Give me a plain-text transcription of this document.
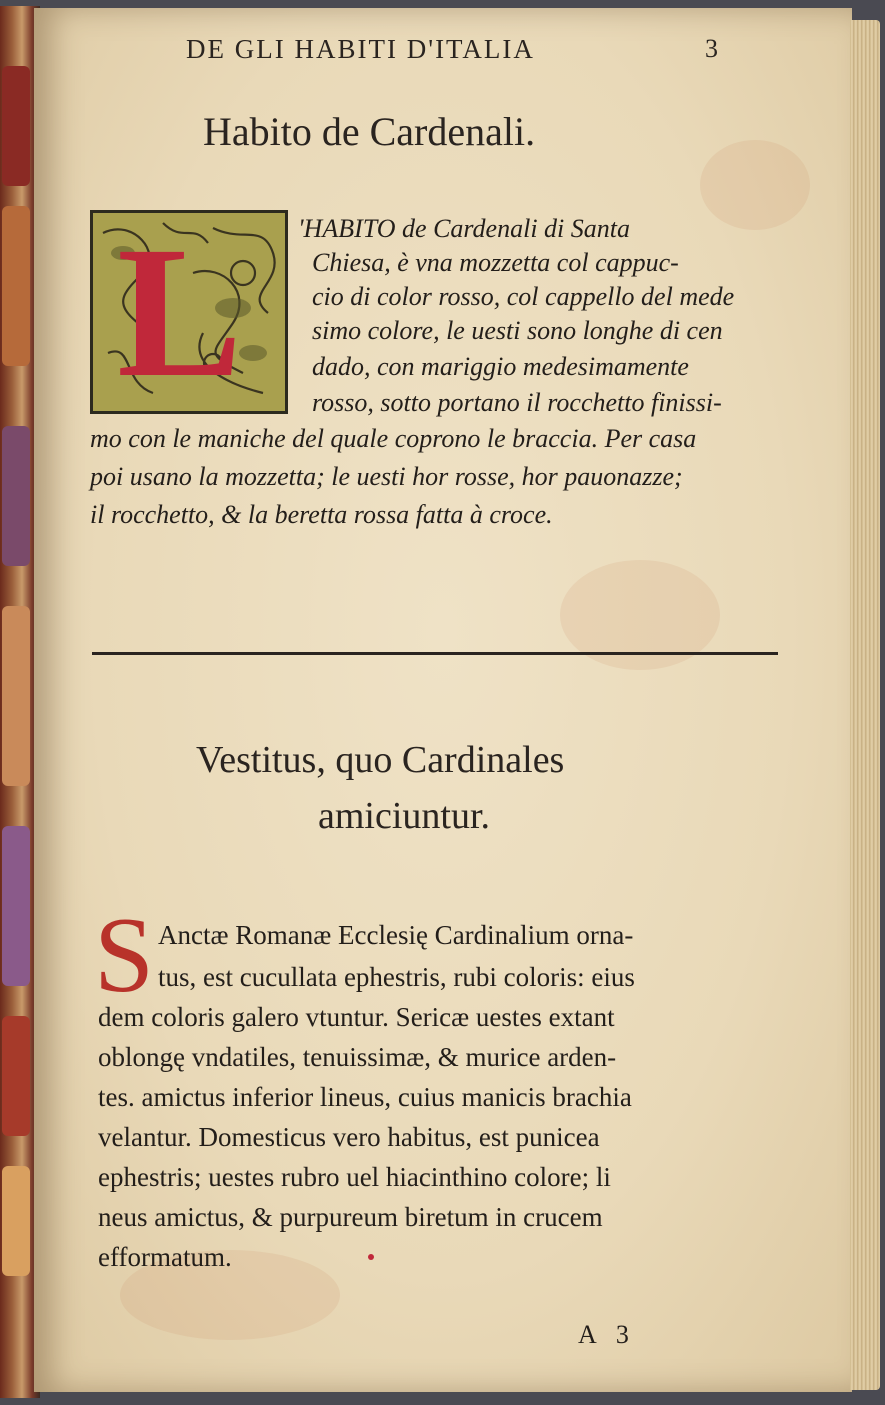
DE GLI HABITI D'ITALIA	3
Habito de Cardenali.
L 'HABITO de Cardenali di Santa
Chiesa, è vna mozzetta col cappuc-
cio di color rosso, col cappello del mede
simo colore, le uesti sono longhe di cen
dado, con mariggio medesimamente
rosso, sotto portano il rocchetto finissi-
mo con le maniche del quale coprono le braccia. Per casa
poi usano la mozzetta; le uesti hor rosse, hor pauonazze;
il rocchetto, & la beretta rossa fatta à croce.
Vestitus, quo Cardinales
amiciuntur.
S Anctæ Romanæ Ecclesię Cardinalium orna-
tus, est cucullata ephestris, rubi coloris: eius
dem coloris galero vtuntur. Sericæ uestes extant
oblongę vndatiles, tenuissimæ, & murice arden-
tes. amictus inferior lineus, cuius manicis brachia
velantur. Domesticus vero habitus, est punicea
ephestris; uestes rubro uel hiacinthino colore; li
neus amictus, & purpureum biretum in crucem
efformatum.
A 3
